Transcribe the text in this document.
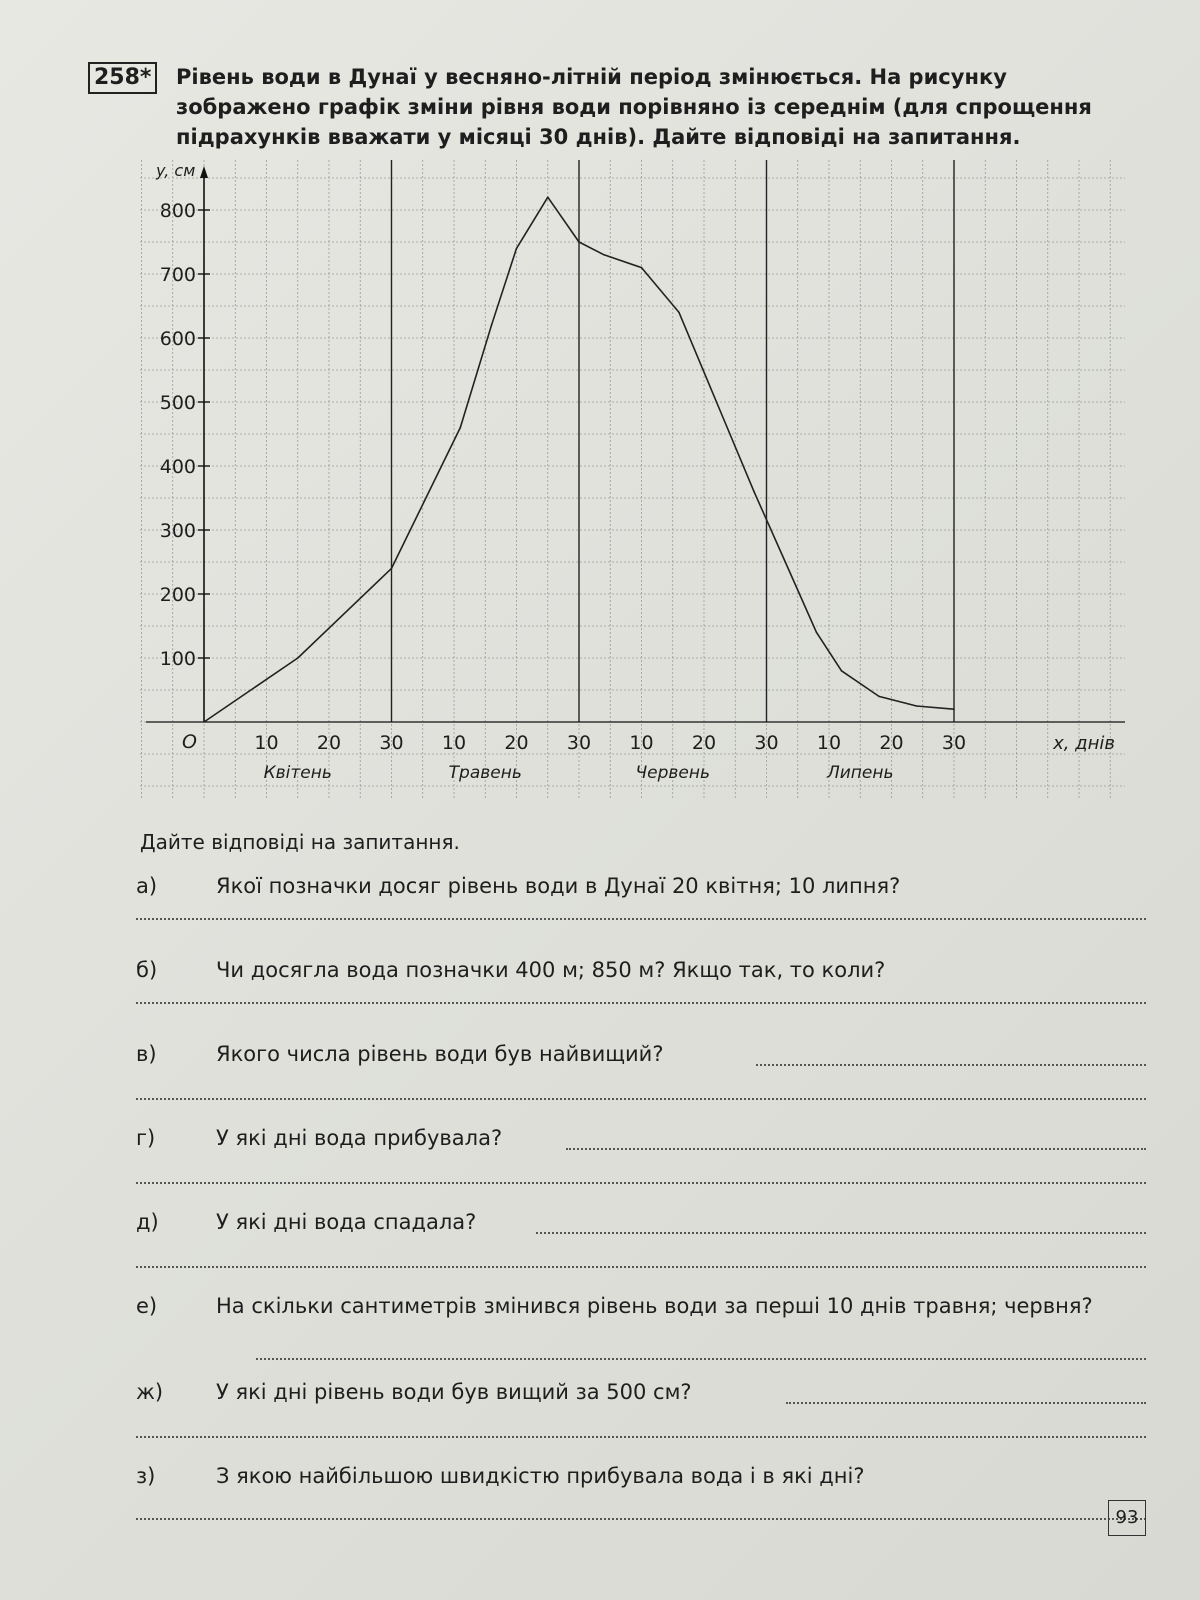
258* Рівень води в Дунаї у весняно-літній період змінюється. На рисунку зображено графік зміни рівня води порівняно із середнім (для спрощення підрахунків вважати у місяці 30 днів). Дайте відповіді на запитання.

100
200
300
400
500
600
700
800
y, см
O	10 20 30 10 20 30 10 20 30 10 20 30	x, днів
Квітень	Травень	Червень	Липень

Дайте відповіді на запитання.

а)	Якої позначки досяг рівень води в Дунаї 20 квітня; 10 липня?
б)	Чи досягла вода позначки 400 м; 850 м? Якщо так, то коли?
в)	Якого числа рівень води був найвищий?
г)	У які дні вода прибувала?
д)	У які дні вода спадала?
е)	На скільки сантиметрів змінився рівень води за перші 10 днів травня; червня?
ж)	У які дні рівень води був вищий за 500 см?
з)	З якою найбільшою швидкістю прибувала вода і в які дні?
93
